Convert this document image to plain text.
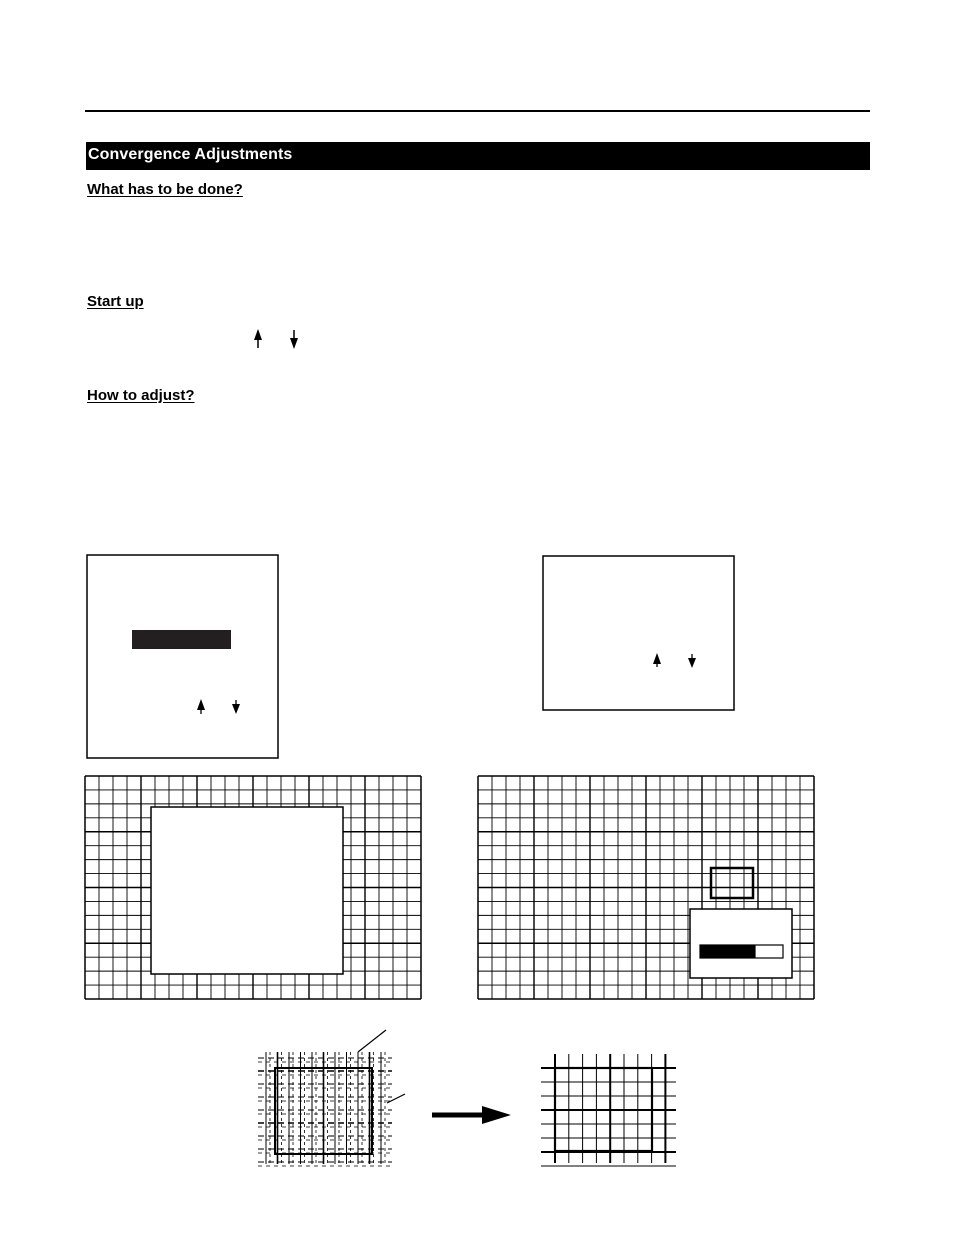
Convergence Adjustments
What has to be done?
Start up
How to adjust?
